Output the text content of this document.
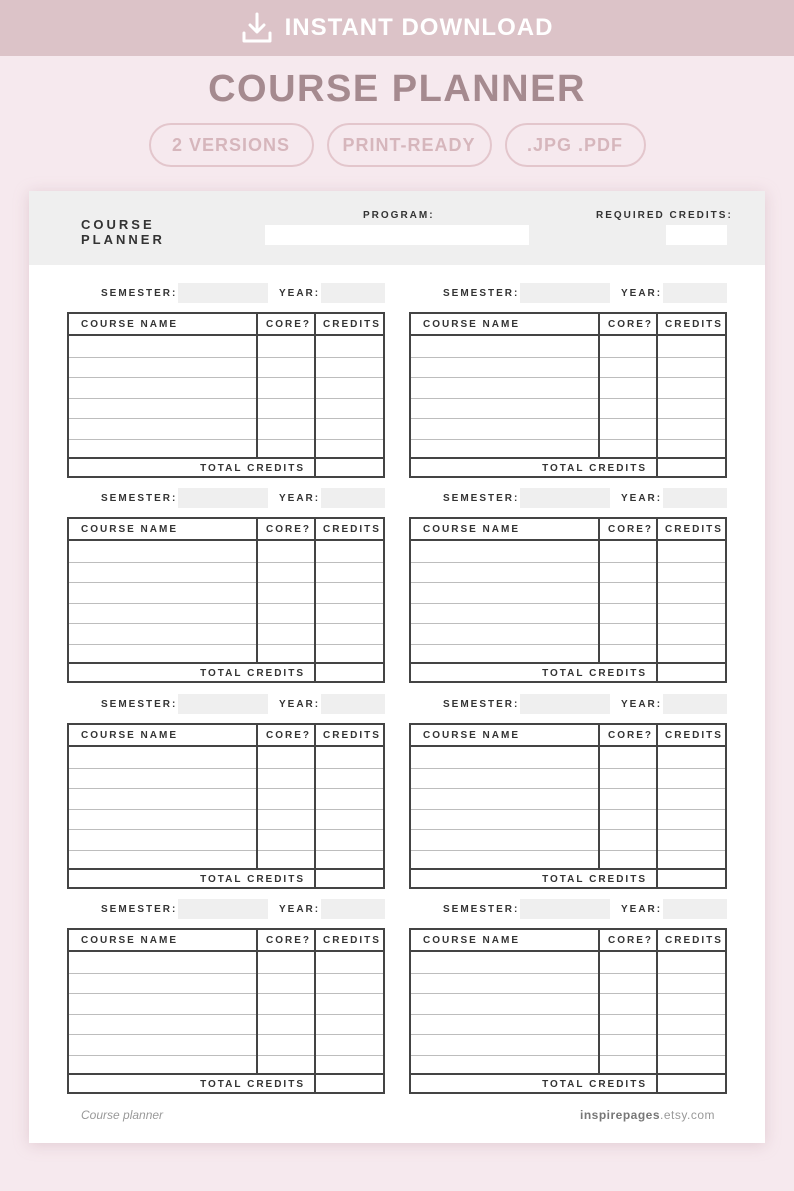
INSTANT DOWNLOAD
COURSE PLANNER
2 VERSIONS	PRINT-READY	.JPG .PDF
COURSE
PLANNER
PROGRAM:	REQUIRED CREDITS:
SEMESTER:	YEAR:
COURSE NAME	CORE? CREDITS
TOTAL CREDITS
SEMESTER:	YEAR:
COURSE NAME	CORE? CREDITS
TOTAL CREDITS
SEMESTER:	YEAR:
COURSE NAME	CORE? CREDITS
TOTAL CREDITS
SEMESTER:	YEAR:
COURSE NAME	CORE? CREDITS
TOTAL CREDITS
SEMESTER:	YEAR:
COURSE NAME	CORE? CREDITS
TOTAL CREDITS
SEMESTER:	YEAR:
COURSE NAME	CORE? CREDITS
TOTAL CREDITS
SEMESTER:	YEAR:
COURSE NAME	CORE? CREDITS
TOTAL CREDITS
SEMESTER:	YEAR:
COURSE NAME	CORE? CREDITS
TOTAL CREDITS
Course planner	inspirepages.etsy.com
